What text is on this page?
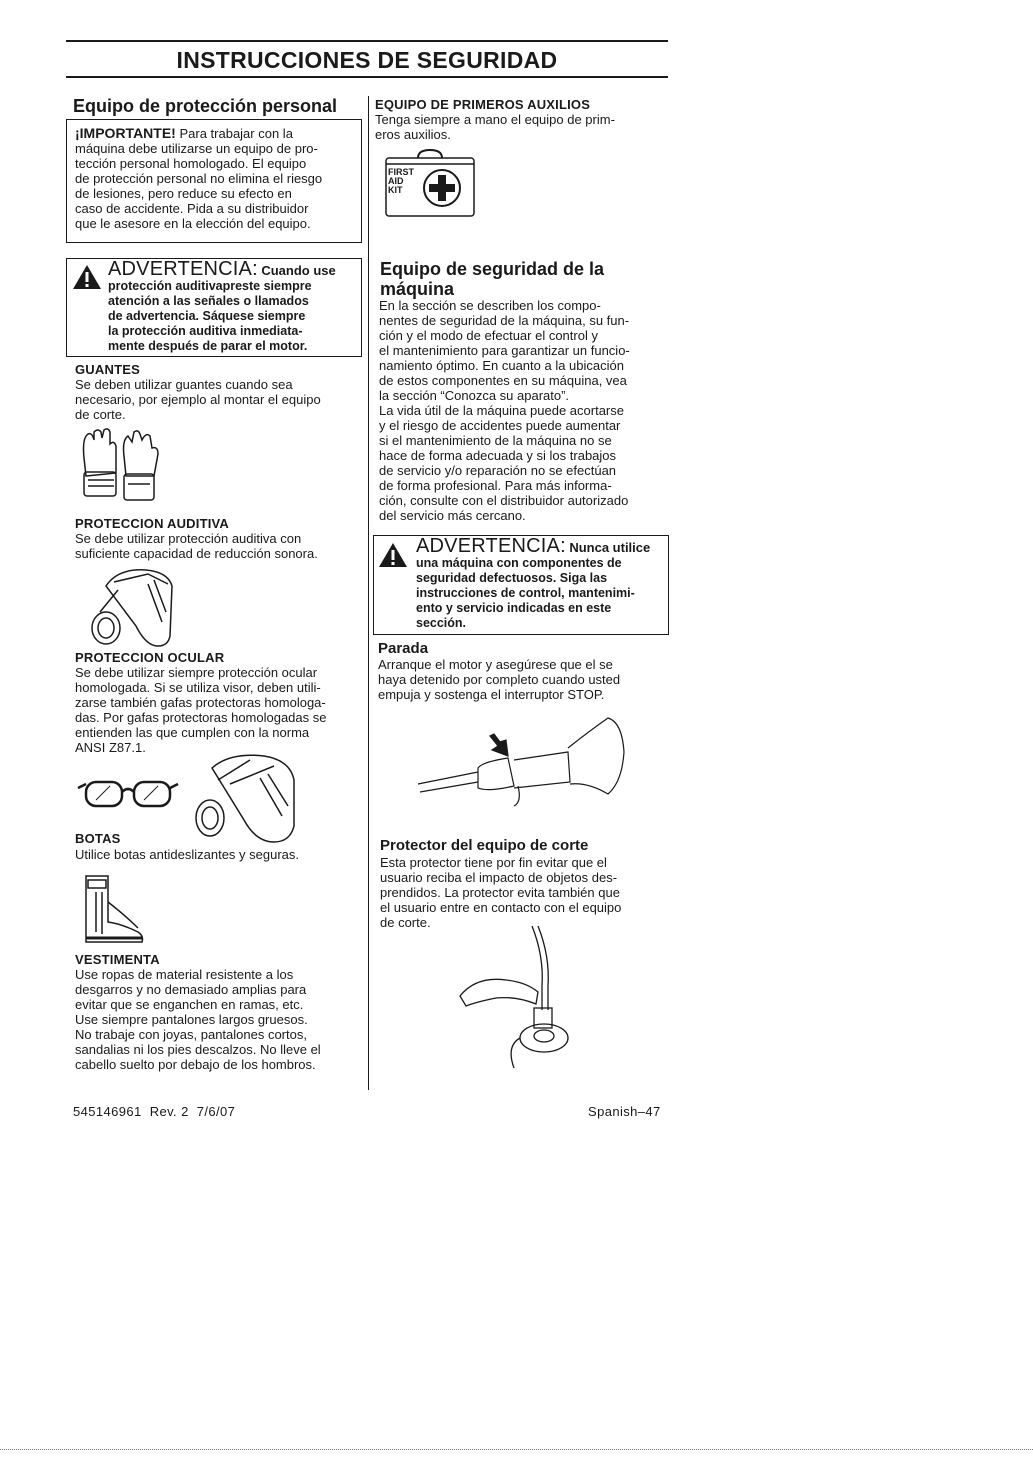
INSTRUCCIONES DE SEGURIDAD
Equipo de protección personal
¡IMPORTANTE! Para trabajar con la
máquina debe utilizarse un equipo de pro-
tección personal homologado. El equipo
de protección personal no elimina el riesgo
de lesiones, pero reduce su efecto en
caso de accidente. Pida a su distribuidor
que le asesore en la elección del equipo.
ADVERTENCIA: Cuando use
protección auditivapreste siempre
atención a las señales o llamados
de advertencia. Sáquese siempre
la protección auditiva inmediata-
mente después de parar el motor.
GUANTES
Se deben utilizar guantes cuando sea
necesario, por ejemplo al montar el equipo
de corte.
PROTECCION AUDITIVA
Se debe utilizar protección auditiva con
suficiente capacidad de reducción sonora.
PROTECCION OCULAR
Se debe utilizar siempre protección ocular
homologada. Si se utiliza visor, deben utili-
zarse también gafas protectoras homologa-
das. Por gafas protectoras homologadas se
entienden las que cumplen con la norma
ANSI Z87.1.
BOTAS
Utilice botas antideslizantes y seguras.
VESTIMENTA
Use ropas de material resistente a los
desgarros y no demasiado amplias para
evitar que se enganchen en ramas, etc.
Use siempre pantalones largos gruesos.
No trabaje con joyas, pantalones cortos,
sandalias ni los pies descalzos. No lleve el
cabello suelto por debajo de los hombros.
EQUIPO DE PRIMEROS AUXILIOS
Tenga siempre a mano el equipo de prim-
eros auxilios.
FIRST
AID
KIT
Equipo de seguridad de la
máquina
En la sección se describen los compo-
nentes de seguridad de la máquina, su fun-
ción y el modo de efectuar el control y
el mantenimiento para garantizar un funcio-
namiento óptimo. En cuanto a la ubicación
de estos componentes en su máquina, vea
la sección “Conozca su aparato”.
La vida útil de la máquina puede acortarse
y el riesgo de accidentes puede aumentar
si el mantenimiento de la máquina no se
hace de forma adecuada y si los trabajos
de servicio y/o reparación no se efectúan
de forma profesional. Para más informa-
ción, consulte con el distribuidor autorizado
del servicio más cercano.
ADVERTENCIA: Nunca utilice
una máquina con componentes de
seguridad defectuosos. Siga las
instrucciones de control, mantenimi-
ento y servicio indicadas en este
sección.
Parada
Arranque el motor y asegúrese que el se
haya detenido por completo cuando usted
empuja y sostenga el interruptor STOP.
Protector del equipo de corte
Esta protector tiene por fin evitar que el
usuario reciba el impacto de objetos des-
prendidos. La protector evita también que
el usuario entre en contacto con el equipo
de corte.
545146961  Rev. 2  7/6/07	Spanish–47
